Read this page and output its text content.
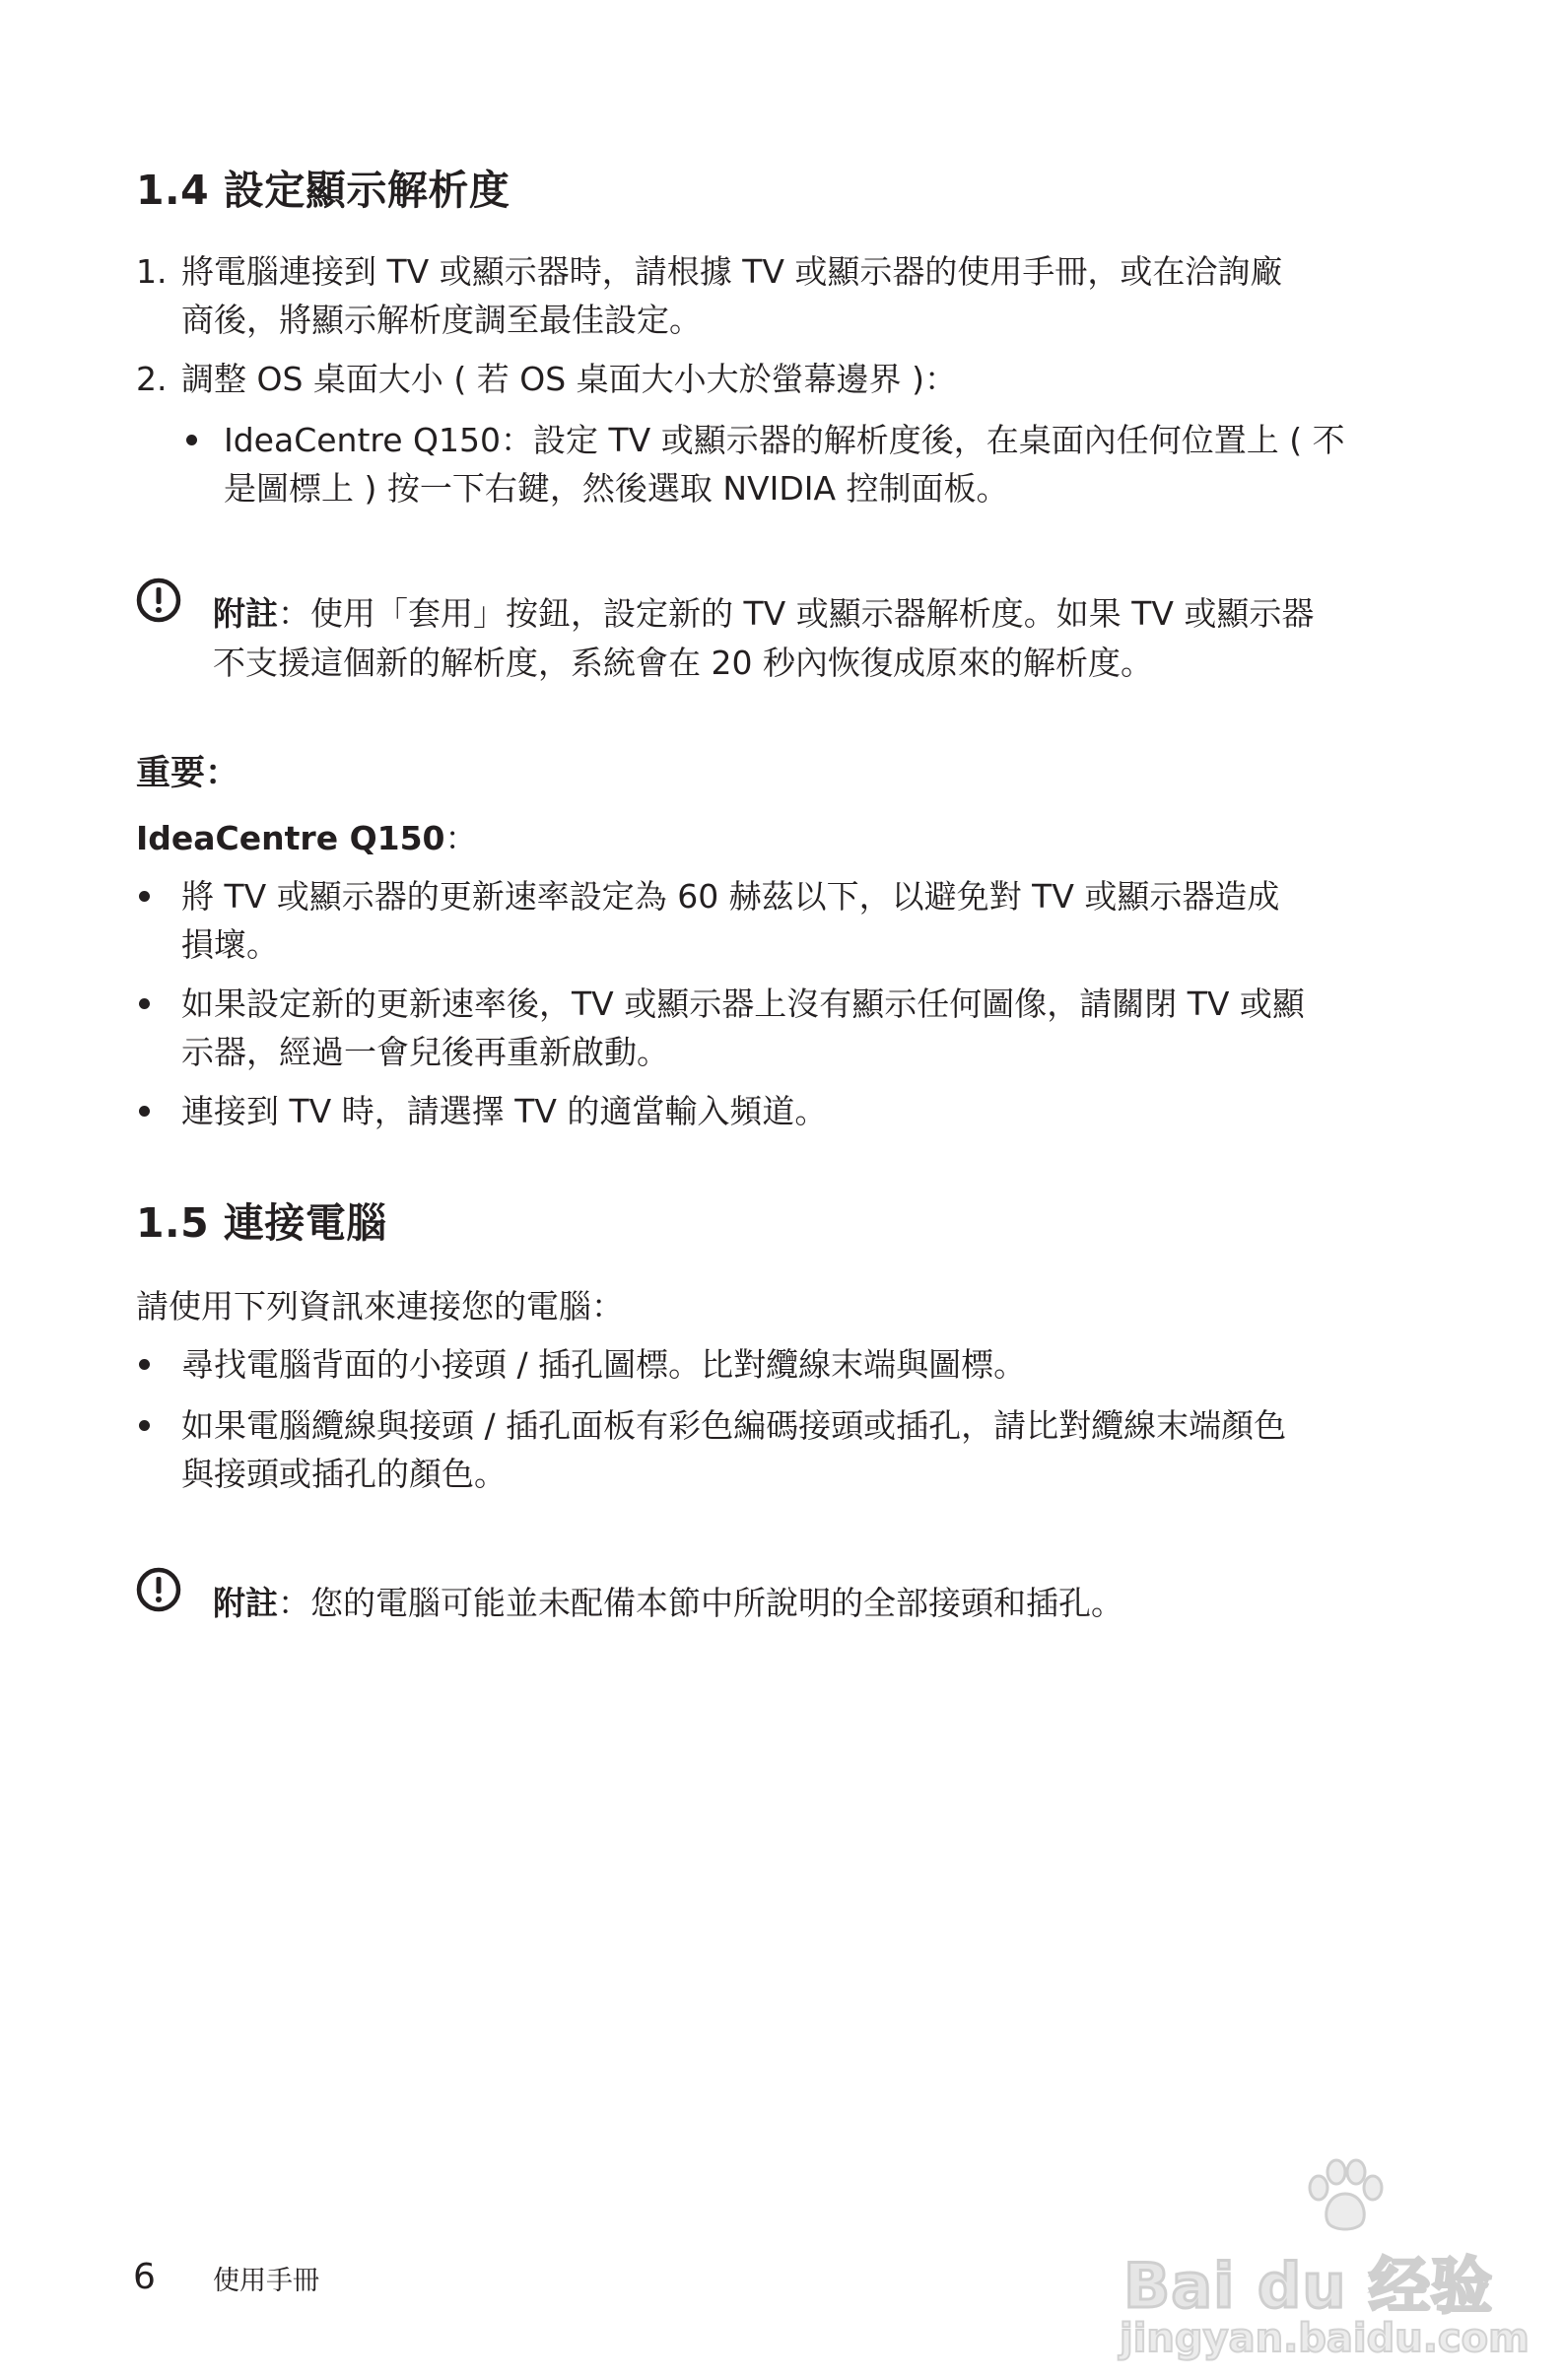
1.4 設定顯示解析度
1. 將電腦連接到 TV 或顯示器時，請根據 TV 或顯示器的使用手冊，或在洽詢廠
商後，將顯示解析度調至最佳設定。
2. 調整 OS 桌面大小 ( 若 OS 桌面大小大於螢幕邊界 )：
IdeaCentre Q150：設定 TV 或顯示器的解析度後，在桌面內任何位置上 ( 不
是圖標上 ) 按一下右鍵，然後選取 NVIDIA 控制面板。
附註：使用「套用」按鈕，設定新的 TV 或顯示器解析度。如果 TV 或顯示器
不支援這個新的解析度，系統會在 20 秒內恢復成原來的解析度。
重要：
IdeaCentre Q150：
將 TV 或顯示器的更新速率設定為 60 赫茲以下，以避免對 TV 或顯示器造成
損壞。
如果設定新的更新速率後，TV 或顯示器上沒有顯示任何圖像，請關閉 TV 或顯
示器，經過一會兒後再重新啟動。
連接到 TV 時，請選擇 TV 的適當輸入頻道。
1.5 連接電腦
請使用下列資訊來連接您的電腦：
尋找電腦背面的小接頭 / 插孔圖標。比對纜線末端與圖標。
如果電腦纜線與接頭 / 插孔面板有彩色編碼接頭或插孔，請比對纜線末端顏色
與接頭或插孔的顏色。
附註：您的電腦可能並未配備本節中所說明的全部接頭和插孔。
6 使用手冊	Bai du 经验
jingyan.baidu.com
